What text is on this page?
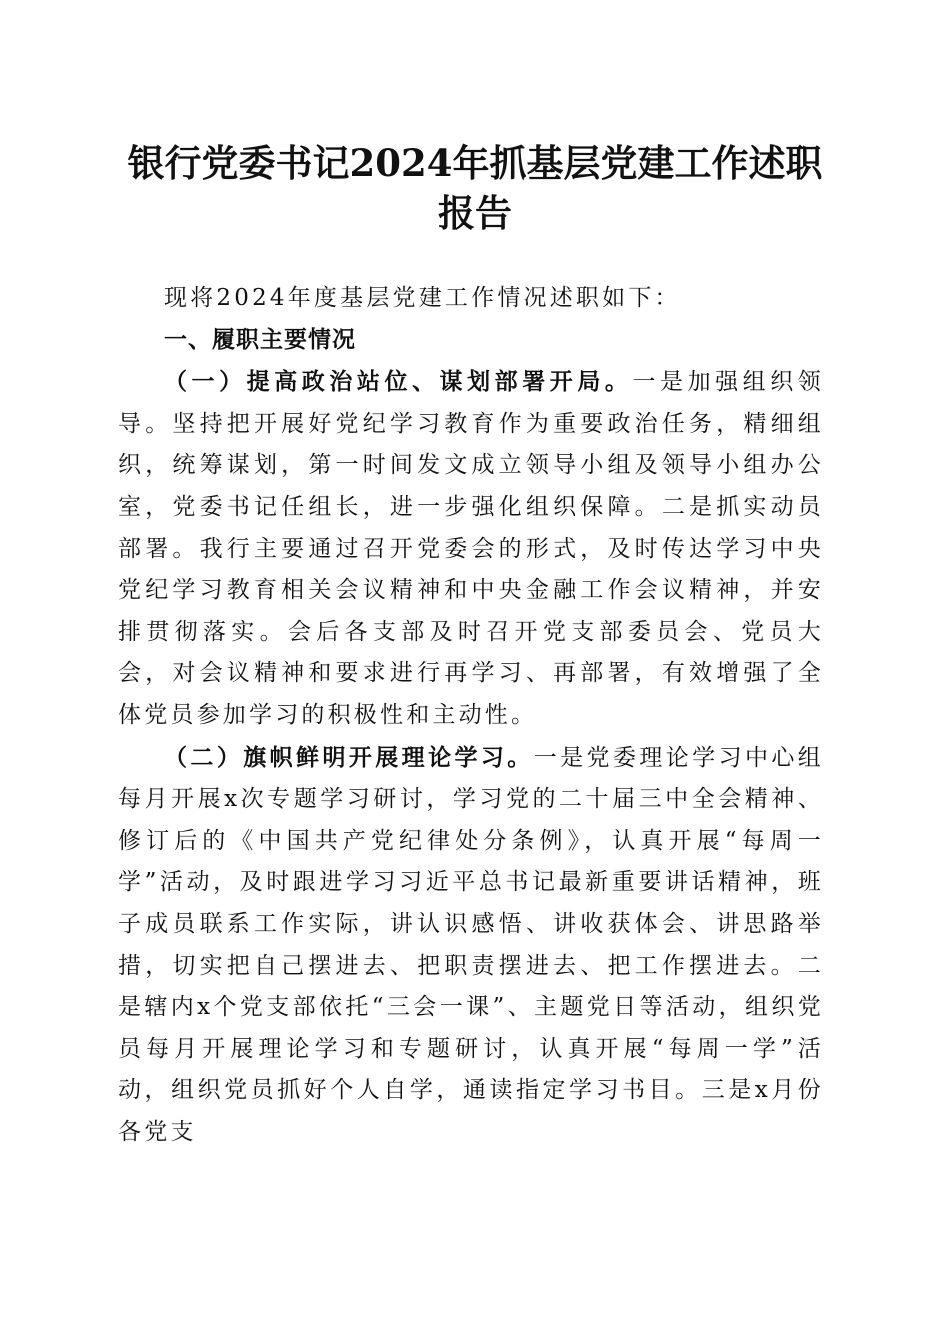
银行党委书记2024年抓基层党建工作述职报告

现将2024年度基层党建工作情况述职如下：

一、履职主要情况

（一）提高政治站位、谋划部署开局。一是加强组织领导。坚持把开展好党纪学习教育作为重要政治任务，精细组织，统筹谋划，第一时间发文成立领导小组及领导小组办公室，党委书记任组长，进一步强化组织保障。二是抓实动员部署。我行主要通过召开党委会的形式，及时传达学习中央党纪学习教育相关会议精神和中央金融工作会议精神，并安排贯彻落实。会后各支部及时召开党支部委员会、党员大会，对会议精神和要求进行再学习、再部署，有效增强了全体党员参加学习的积极性和主动性。

（二）旗帜鲜明开展理论学习。一是党委理论学习中心组每月开展x次专题学习研讨，学习党的二十届三中全会精神、修订后的《中国共产党纪律处分条例》，认真开展“每周一学”活动，及时跟进学习习近平总书记最新重要讲话精神，班子成员联系工作实际，讲认识感悟、讲收获体会、讲思路举措，切实把自己摆进去、把职责摆进去、把工作摆进去。二是辖内x个党支部依托“三会一课”、主题党日等活动，组织党员每月开展理论学习和专题研讨，认真开展“每周一学”活动，组织党员抓好个人自学，通读指定学习书目。三是x月份各党支
